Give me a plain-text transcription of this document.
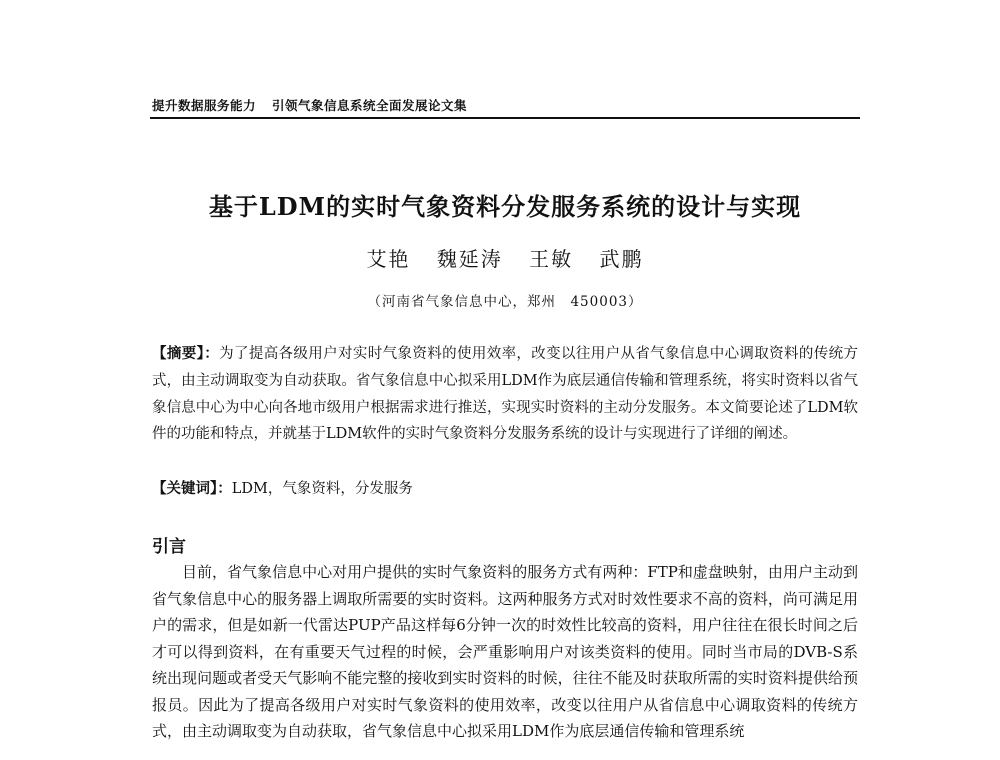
提升数据服务能力 引领气象信息系统全面发展论文集
基于LDM的实时气象资料分发服务系统的设计与实现
艾艳 魏延涛 王敏 武鹏
（河南省气象信息中心，郑州　450003）
【摘要】：为了提高各级用户对实时气象资料的使用效率，改变以往用户从省气象信息中心调取资料的传统方式，由主动调取变为自动获取。省气象信息中心拟采用LDM作为底层通信传输和管理系统，将实时资料以省气象信息中心为中心向各地市级用户根据需求进行推送，实现实时资料的主动分发服务。本文简要论述了LDM软件的功能和特点，并就基于LDM软件的实时气象资料分发服务系统的设计与实现进行了详细的阐述。
【关键词】：LDM，气象资料，分发服务
引言
目前，省气象信息中心对用户提供的实时气象资料的服务方式有两种：FTP和虚盘映射，由用户主动到省气象信息中心的服务器上调取所需要的实时资料。这两种服务方式对时效性要求不高的资料，尚可满足用户的需求，但是如新一代雷达PUP产品这样每6分钟一次的时效性比较高的资料，用户往往在很长时间之后才可以得到资料，在有重要天气过程的时候，会严重影响用户对该类资料的使用。同时当市局的DVB-S系统出现问题或者受天气影响不能完整的接收到实时资料的时候，往往不能及时获取所需的实时资料提供给预报员。因此为了提高各级用户对实时气象资料的使用效率，改变以往用户从省信息中心调取资料的传统方式，由主动调取变为自动获取，省气象信息中心拟采用LDM作为底层通信传输和管理系统
